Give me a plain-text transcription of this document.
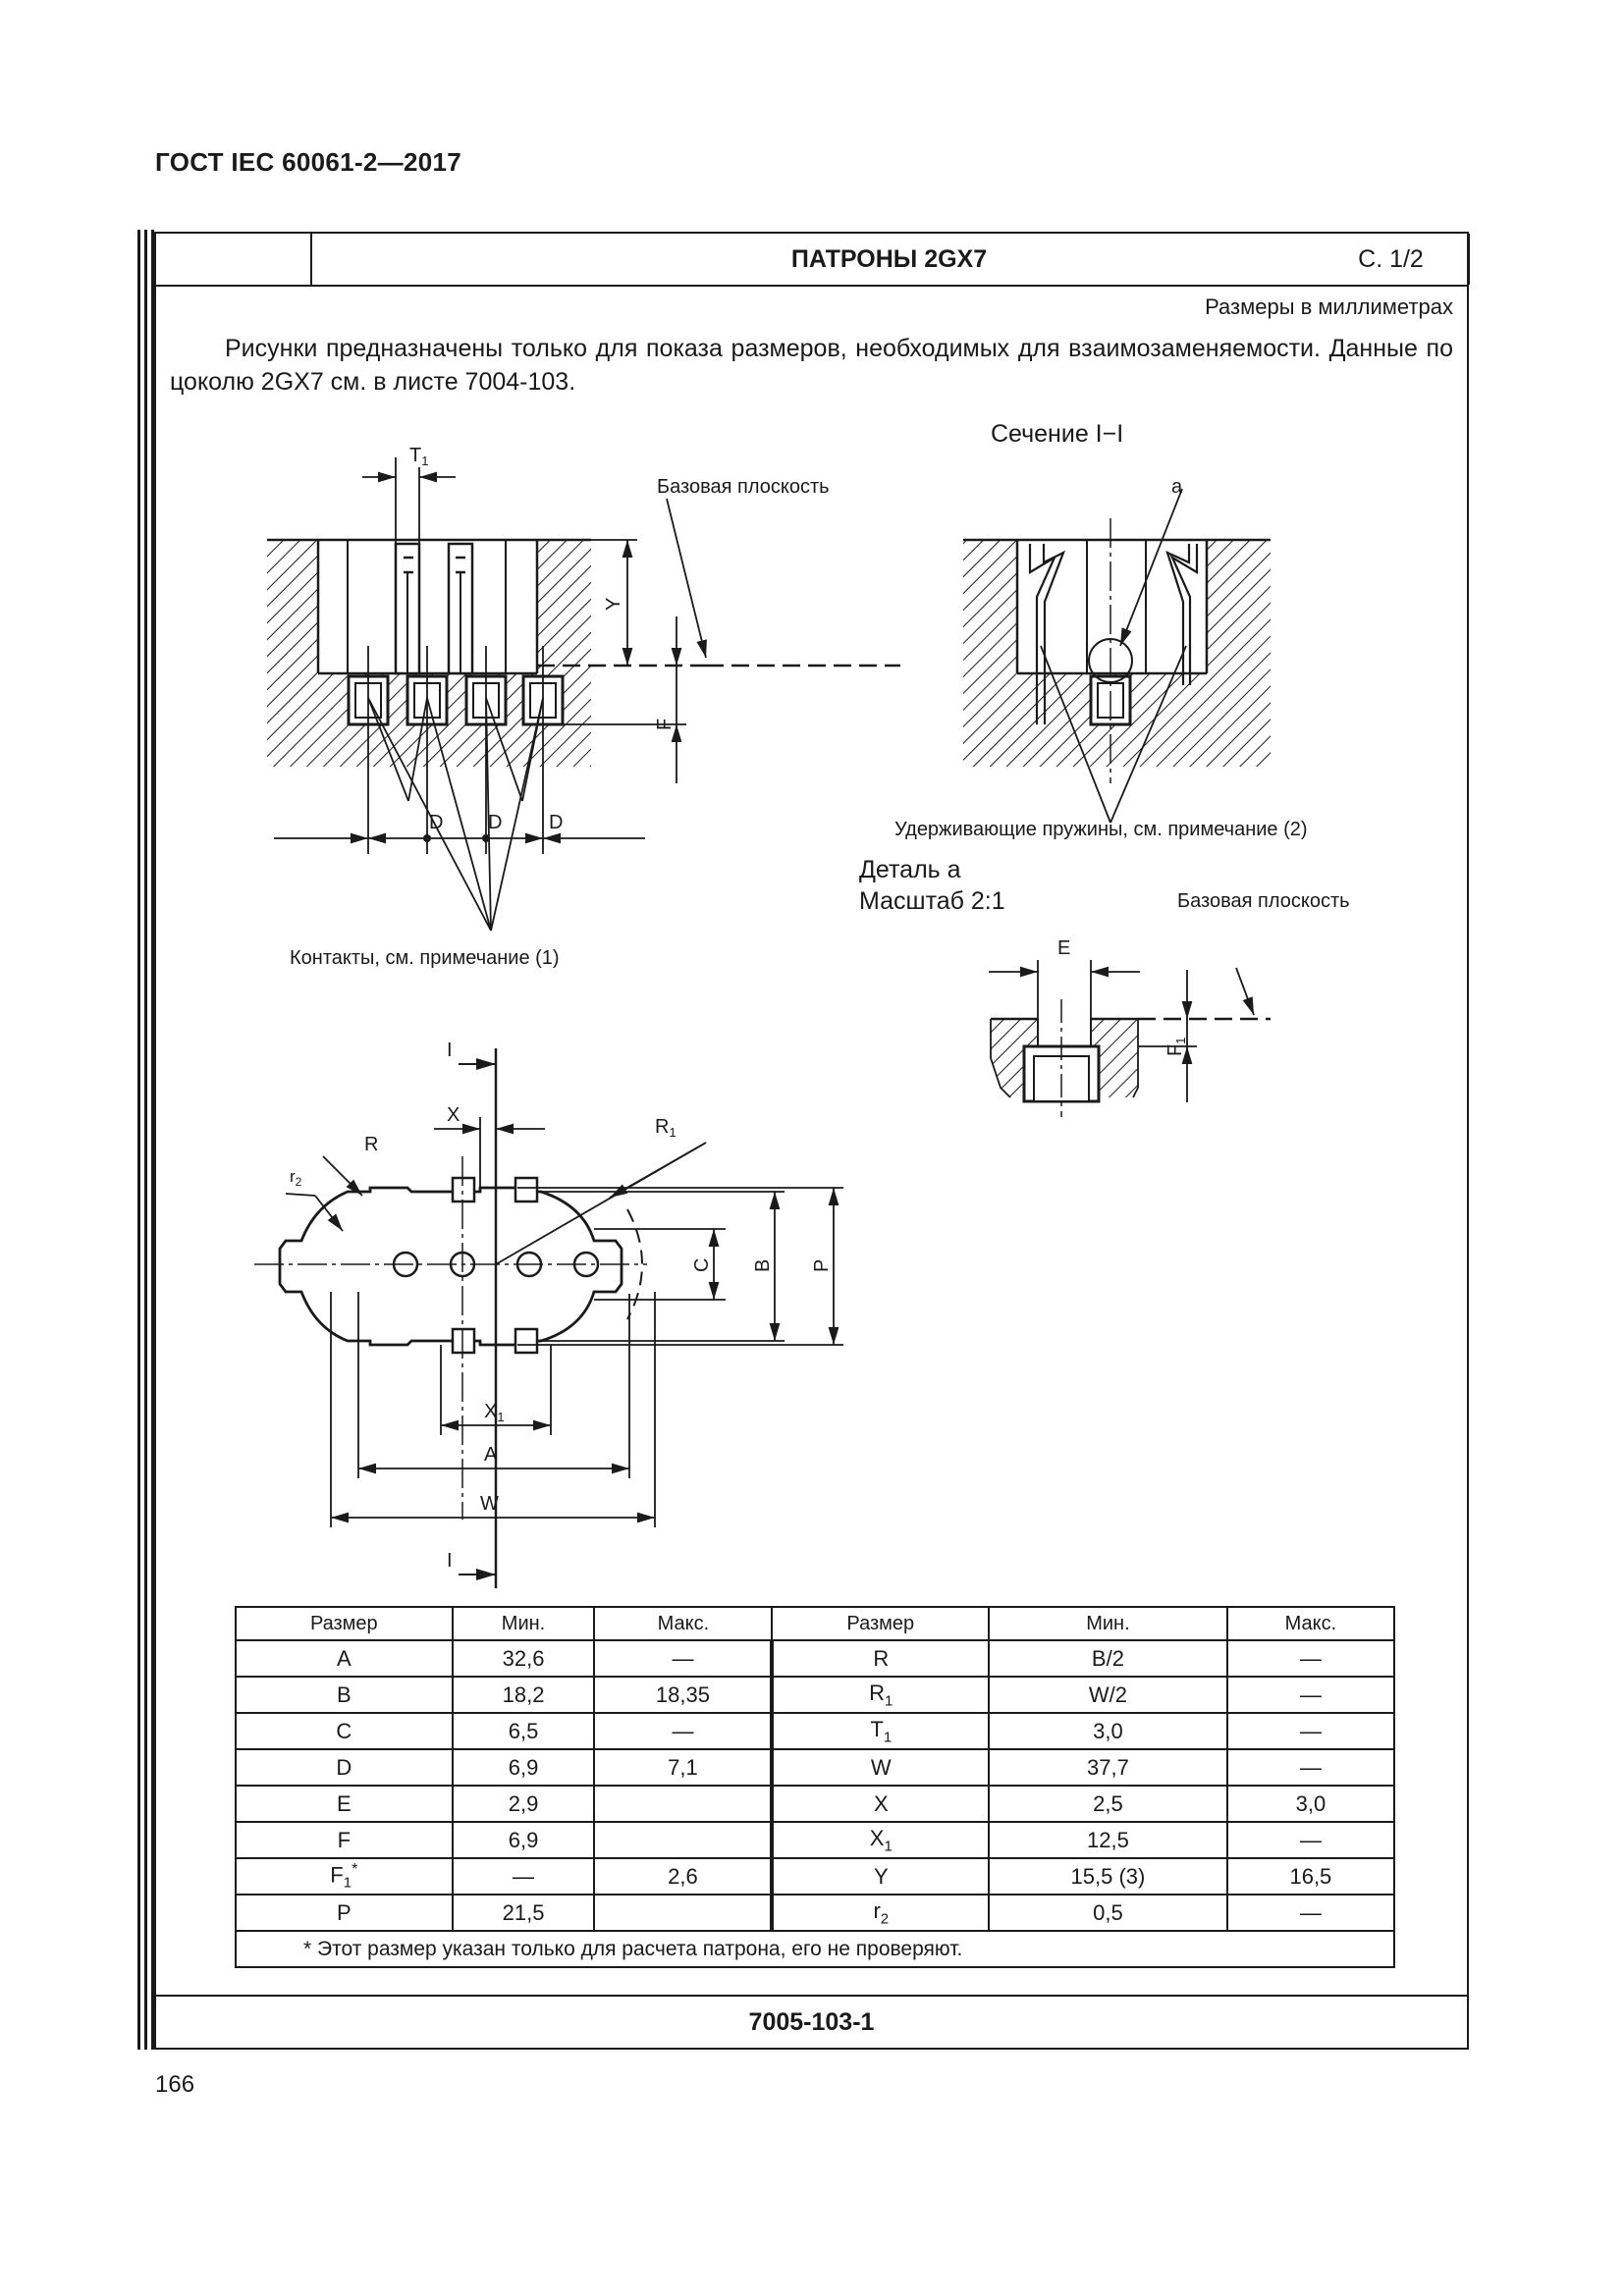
ГОСТ IEC 60061-2—2017
ПАТРОНЫ 2GX7	С. 1/2
Размеры в миллиметрах
Рисунки предназначены только для показа размеров, необходимых для взаимозаменяемости. Данные по цоколю 2GX7 см. в листе 7004-103.
$T_1$
Базовая плоскость
Сечение I−I
a
Y
F
D D D	Удерживающие пружины, см. примечание (2)
Контакты, см. примечание (1)
Деталь a
Масштаб 2:1	Базовая плоскость
E
$F_1$
I
I
X
R
$R_1$
$r_2$
C B P
$X_1$
A
W
Размер	Мин.	Макс.	Размер	Мин.	Макс.
A	32,6	—	R	B/2	—
B	18,2	18,35	$R_1$	W/2	—
C	6,5	—	$T_1$	3,0	—
D	6,9	7,1	W	37,7	—
E	2,9		X	2,5	3,0
F	6,9		$X_1$	12,5	—
$F_1^*$	—	2,6	Y	15,5 (3)	16,5
P	21,5		$r_2$	0,5	—
* Этот размер указан только для расчета патрона, его не проверяют.					
7005-103-1
166
